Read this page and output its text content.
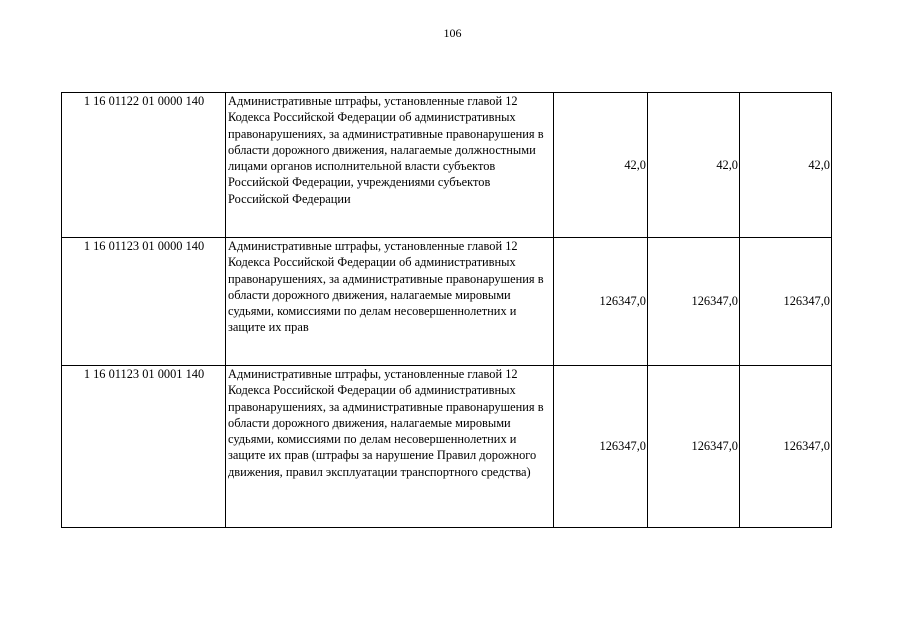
106
1 16 01122 01 0000 140	Административные штрафы, установленные главой 12 Кодекса Российской Федерации об административных правонарушениях, за административные правонарушения в области дорожного движения, налагаемые должностными лицами органов исполнительной власти субъектов Российской Федерации, учреждениями субъектов Российской Федерации	42,0	42,0	42,0
1 16 01123 01 0000 140	Административные штрафы, установленные главой 12 Кодекса Российской Федерации об административных правонарушениях, за административные правонарушения в области дорожного движения, налагаемые мировыми судьями, комиссиями по делам несовершеннолетних и защите их прав	126347,0	126347,0	126347,0
1 16 01123 01 0001 140	Административные штрафы, установленные главой 12 Кодекса Российской Федерации об административных правонарушениях, за административные правонарушения в области дорожного движения, налагаемые мировыми судьями, комиссиями по делам несовершеннолетних и защите их прав (штрафы за нарушение Правил дорожного движения, правил эксплуатации транспортного средства)	126347,0	126347,0	126347,0
